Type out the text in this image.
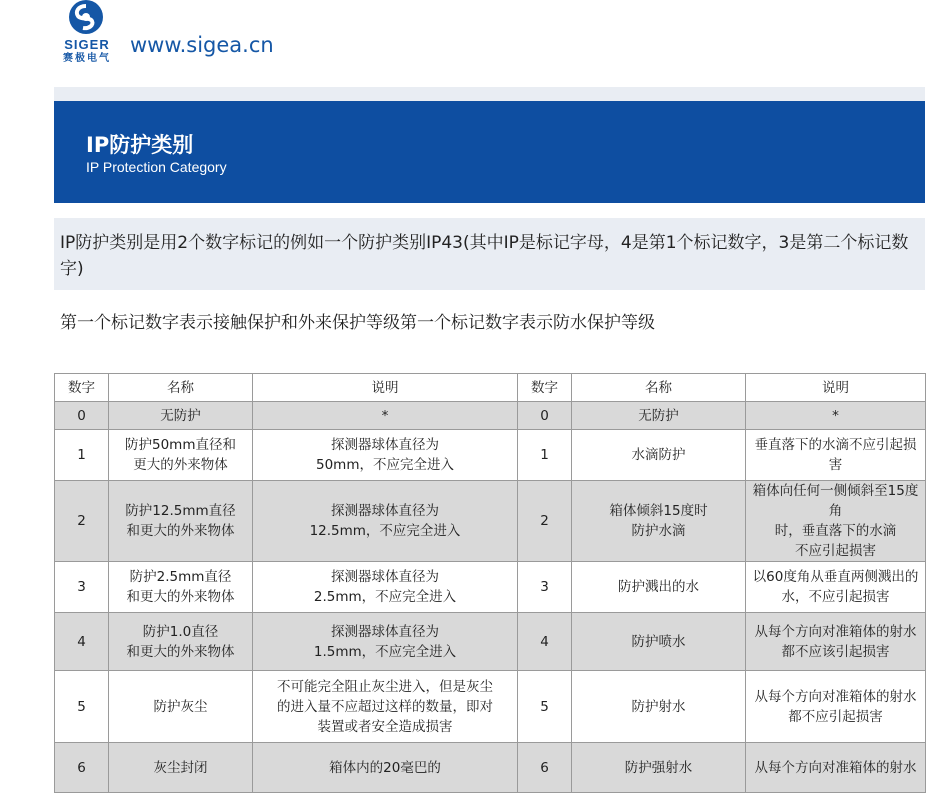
SIGER
赛极电气
www.sigea.cn
IP防护类别
IP Protection Category

IP防护类别是用2个数字标记的例如一个防护类别IP43(其中IP是标记字母，4是第1个标记数字，3是第二个标记数字)

第一个标记数字表示接触保护和外来保护等级第一个标记数字表示防水保护等级
数字	名称	说明	数字	名称	说明
0	无防护	*	0	无防护	*
1	防护50mm直径和
更大的外来物体	探测器球体直径为
50mm，不应完全进入	1	水滴防护	垂直落下的水滴不应引起损害
2	防护12.5mm直径
和更大的外来物体	探测器球体直径为
12.5mm，不应完全进入	2	箱体倾斜15度时
防护水滴	箱体向任何一侧倾斜至15度角
时，垂直落下的水滴
不应引起损害
3	防护2.5mm直径
和更大的外来物体	探测器球体直径为
2.5mm，不应完全进入	3	防护溅出的水	以60度角从垂直两侧溅出的
水，不应引起损害
4	防护1.0直径
和更大的外来物体	探测器球体直径为
1.5mm，不应完全进入	4	防护喷水	从每个方向对准箱体的射水
都不应该引起损害
5	防护灰尘	不可能完全阻止灰尘进入，但是灰尘
的进入量不应超过这样的数量，即对
装置或者安全造成损害	5	防护射水	从每个方向对准箱体的射水
都不应引起损害
6	灰尘封闭	箱体内的20毫巴的	6	防护强射水	从每个方向对准箱体的射水
